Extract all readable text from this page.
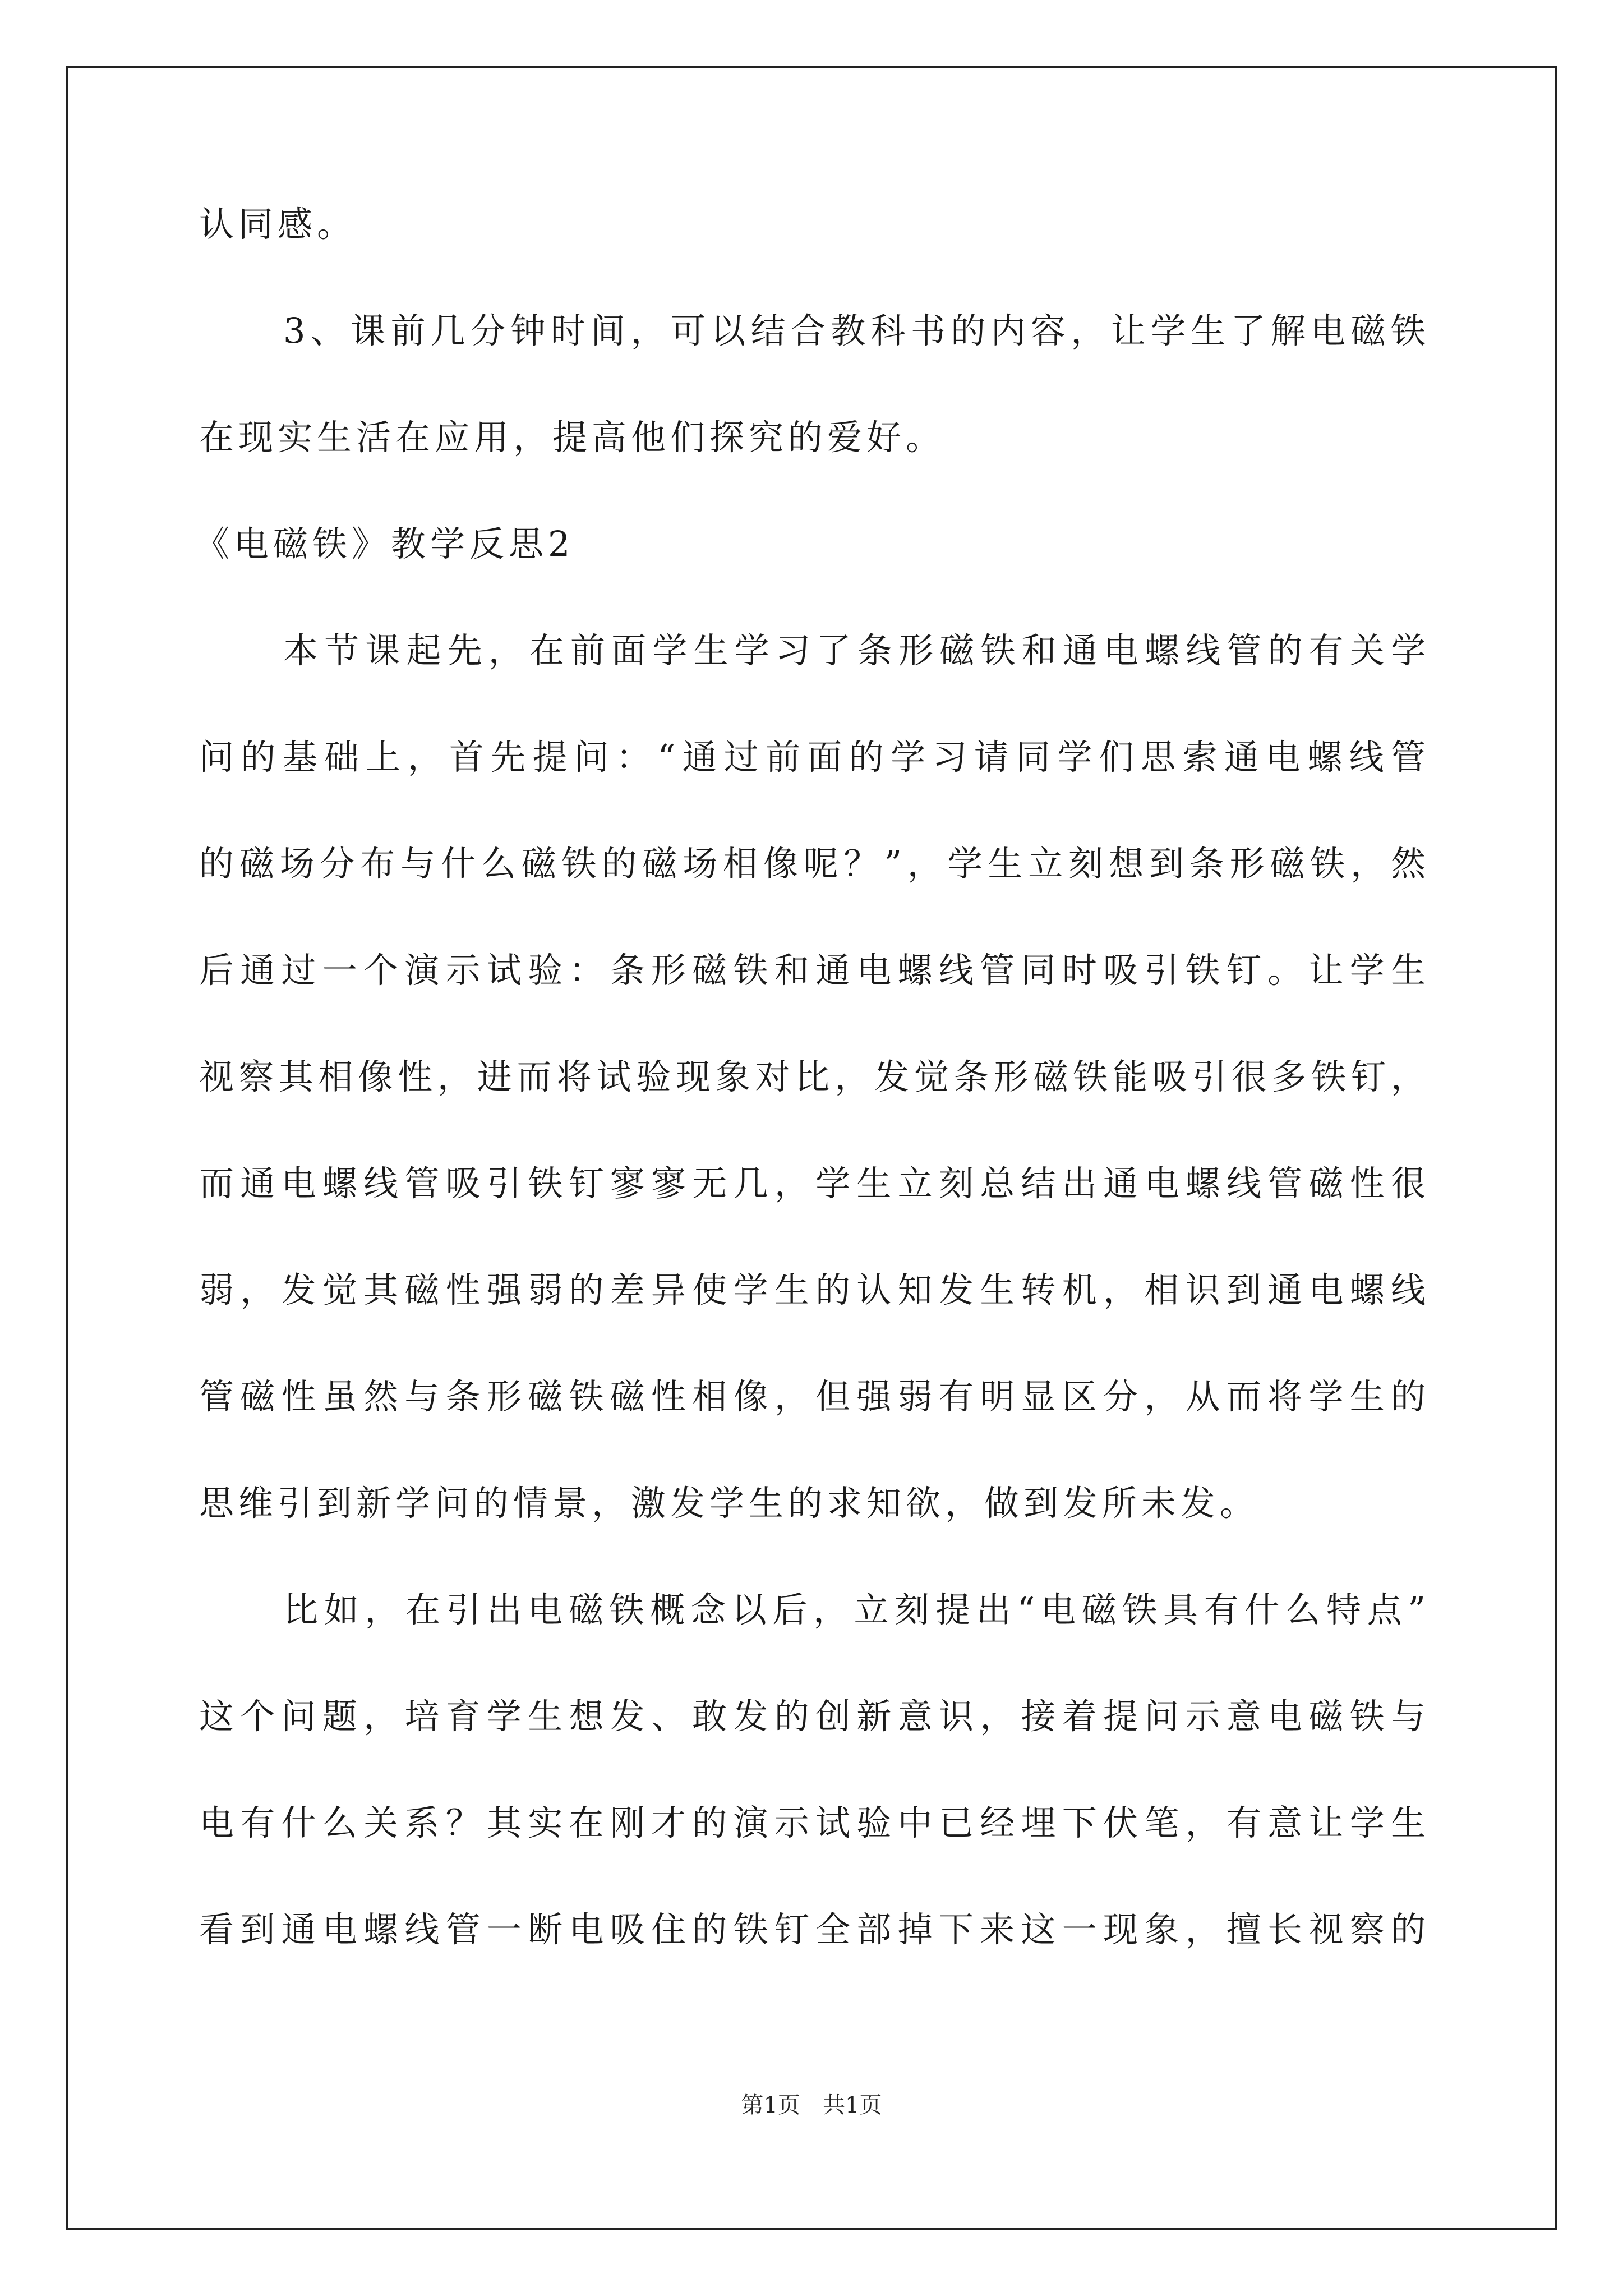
认同感。
3、课前几分钟时间，可以结合教科书的内容，让学生了解电磁铁
在现实生活在应用，提高他们探究的爱好。
《电磁铁》教学反思2
本节课起先，在前面学生学习了条形磁铁和通电螺线管的有关学
问的基础上，首先提问：“通过前面的学习请同学们思索通电螺线管
的磁场分布与什么磁铁的磁场相像呢？”，学生立刻想到条形磁铁，然
后通过一个演示试验：条形磁铁和通电螺线管同时吸引铁钉。让学生
视察其相像性，进而将试验现象对比，发觉条形磁铁能吸引很多铁钉，
而通电螺线管吸引铁钉寥寥无几，学生立刻总结出通电螺线管磁性很
弱，发觉其磁性强弱的差异使学生的认知发生转机，相识到通电螺线
管磁性虽然与条形磁铁磁性相像，但强弱有明显区分，从而将学生的
思维引到新学问的情景，激发学生的求知欲，做到发所未发。
比如，在引出电磁铁概念以后，立刻提出“电磁铁具有什么特点”
这个问题，培育学生想发、敢发的创新意识，接着提问示意电磁铁与
电有什么关系？其实在刚才的演示试验中已经埋下伏笔，有意让学生
看到通电螺线管一断电吸住的铁钉全部掉下来这一现象，擅长视察的
第1页　共1页
